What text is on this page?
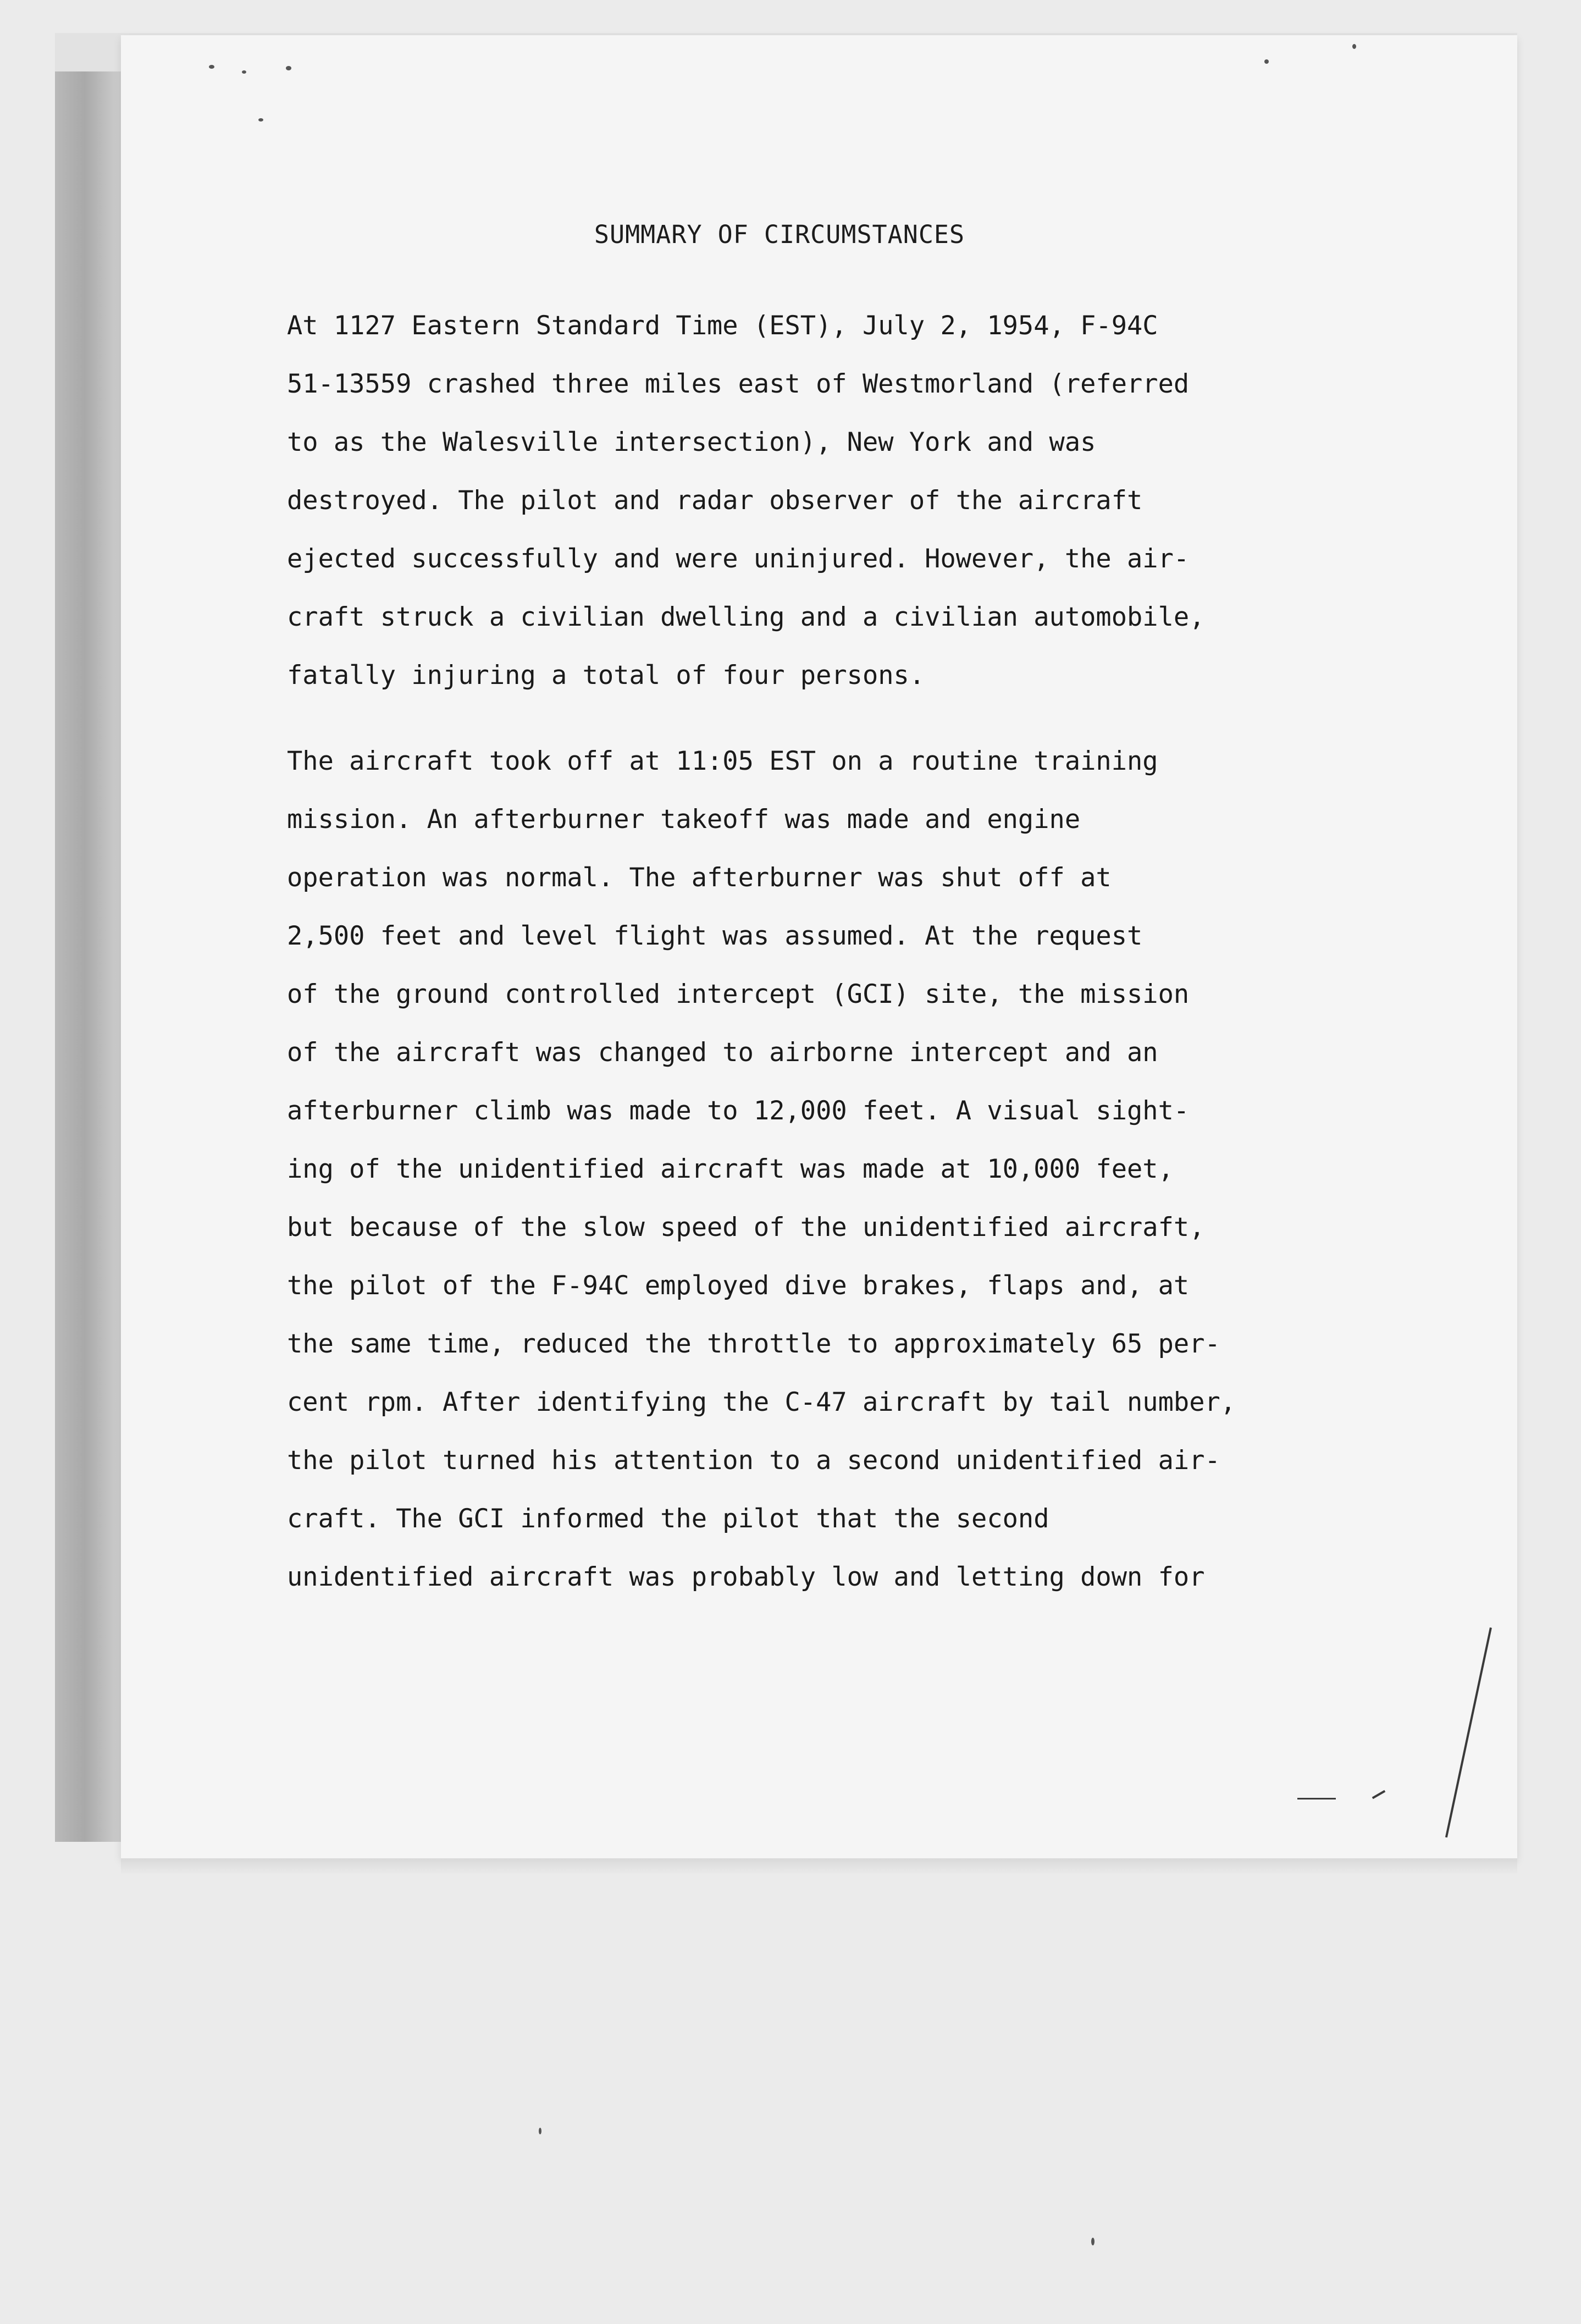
SUMMARY OF CIRCUMSTANCES
At 1127 Eastern Standard Time (EST), July 2, 1954, F-94C
51-13559 crashed three miles east of Westmorland (referred
to as the Walesville intersection), New York and was
destroyed. The pilot and radar observer of the aircraft
ejected successfully and were uninjured. However, the air-
craft struck a civilian dwelling and a civilian automobile,
fatally injuring a total of four persons.
The aircraft took off at 11:05 EST on a routine training
mission. An afterburner takeoff was made and engine
operation was normal. The afterburner was shut off at
2,500 feet and level flight was assumed. At the request
of the ground controlled intercept (GCI) site, the mission
of the aircraft was changed to airborne intercept and an
afterburner climb was made to 12,000 feet. A visual sight-
ing of the unidentified aircraft was made at 10,000 feet,
but because of the slow speed of the unidentified aircraft,
the pilot of the F-94C employed dive brakes, flaps and, at
the same time, reduced the throttle to approximately 65 per-
cent rpm. After identifying the C-47 aircraft by tail number,
the pilot turned his attention to a second unidentified air-
craft. The GCI informed the pilot that the second
unidentified aircraft was probably low and letting down for
